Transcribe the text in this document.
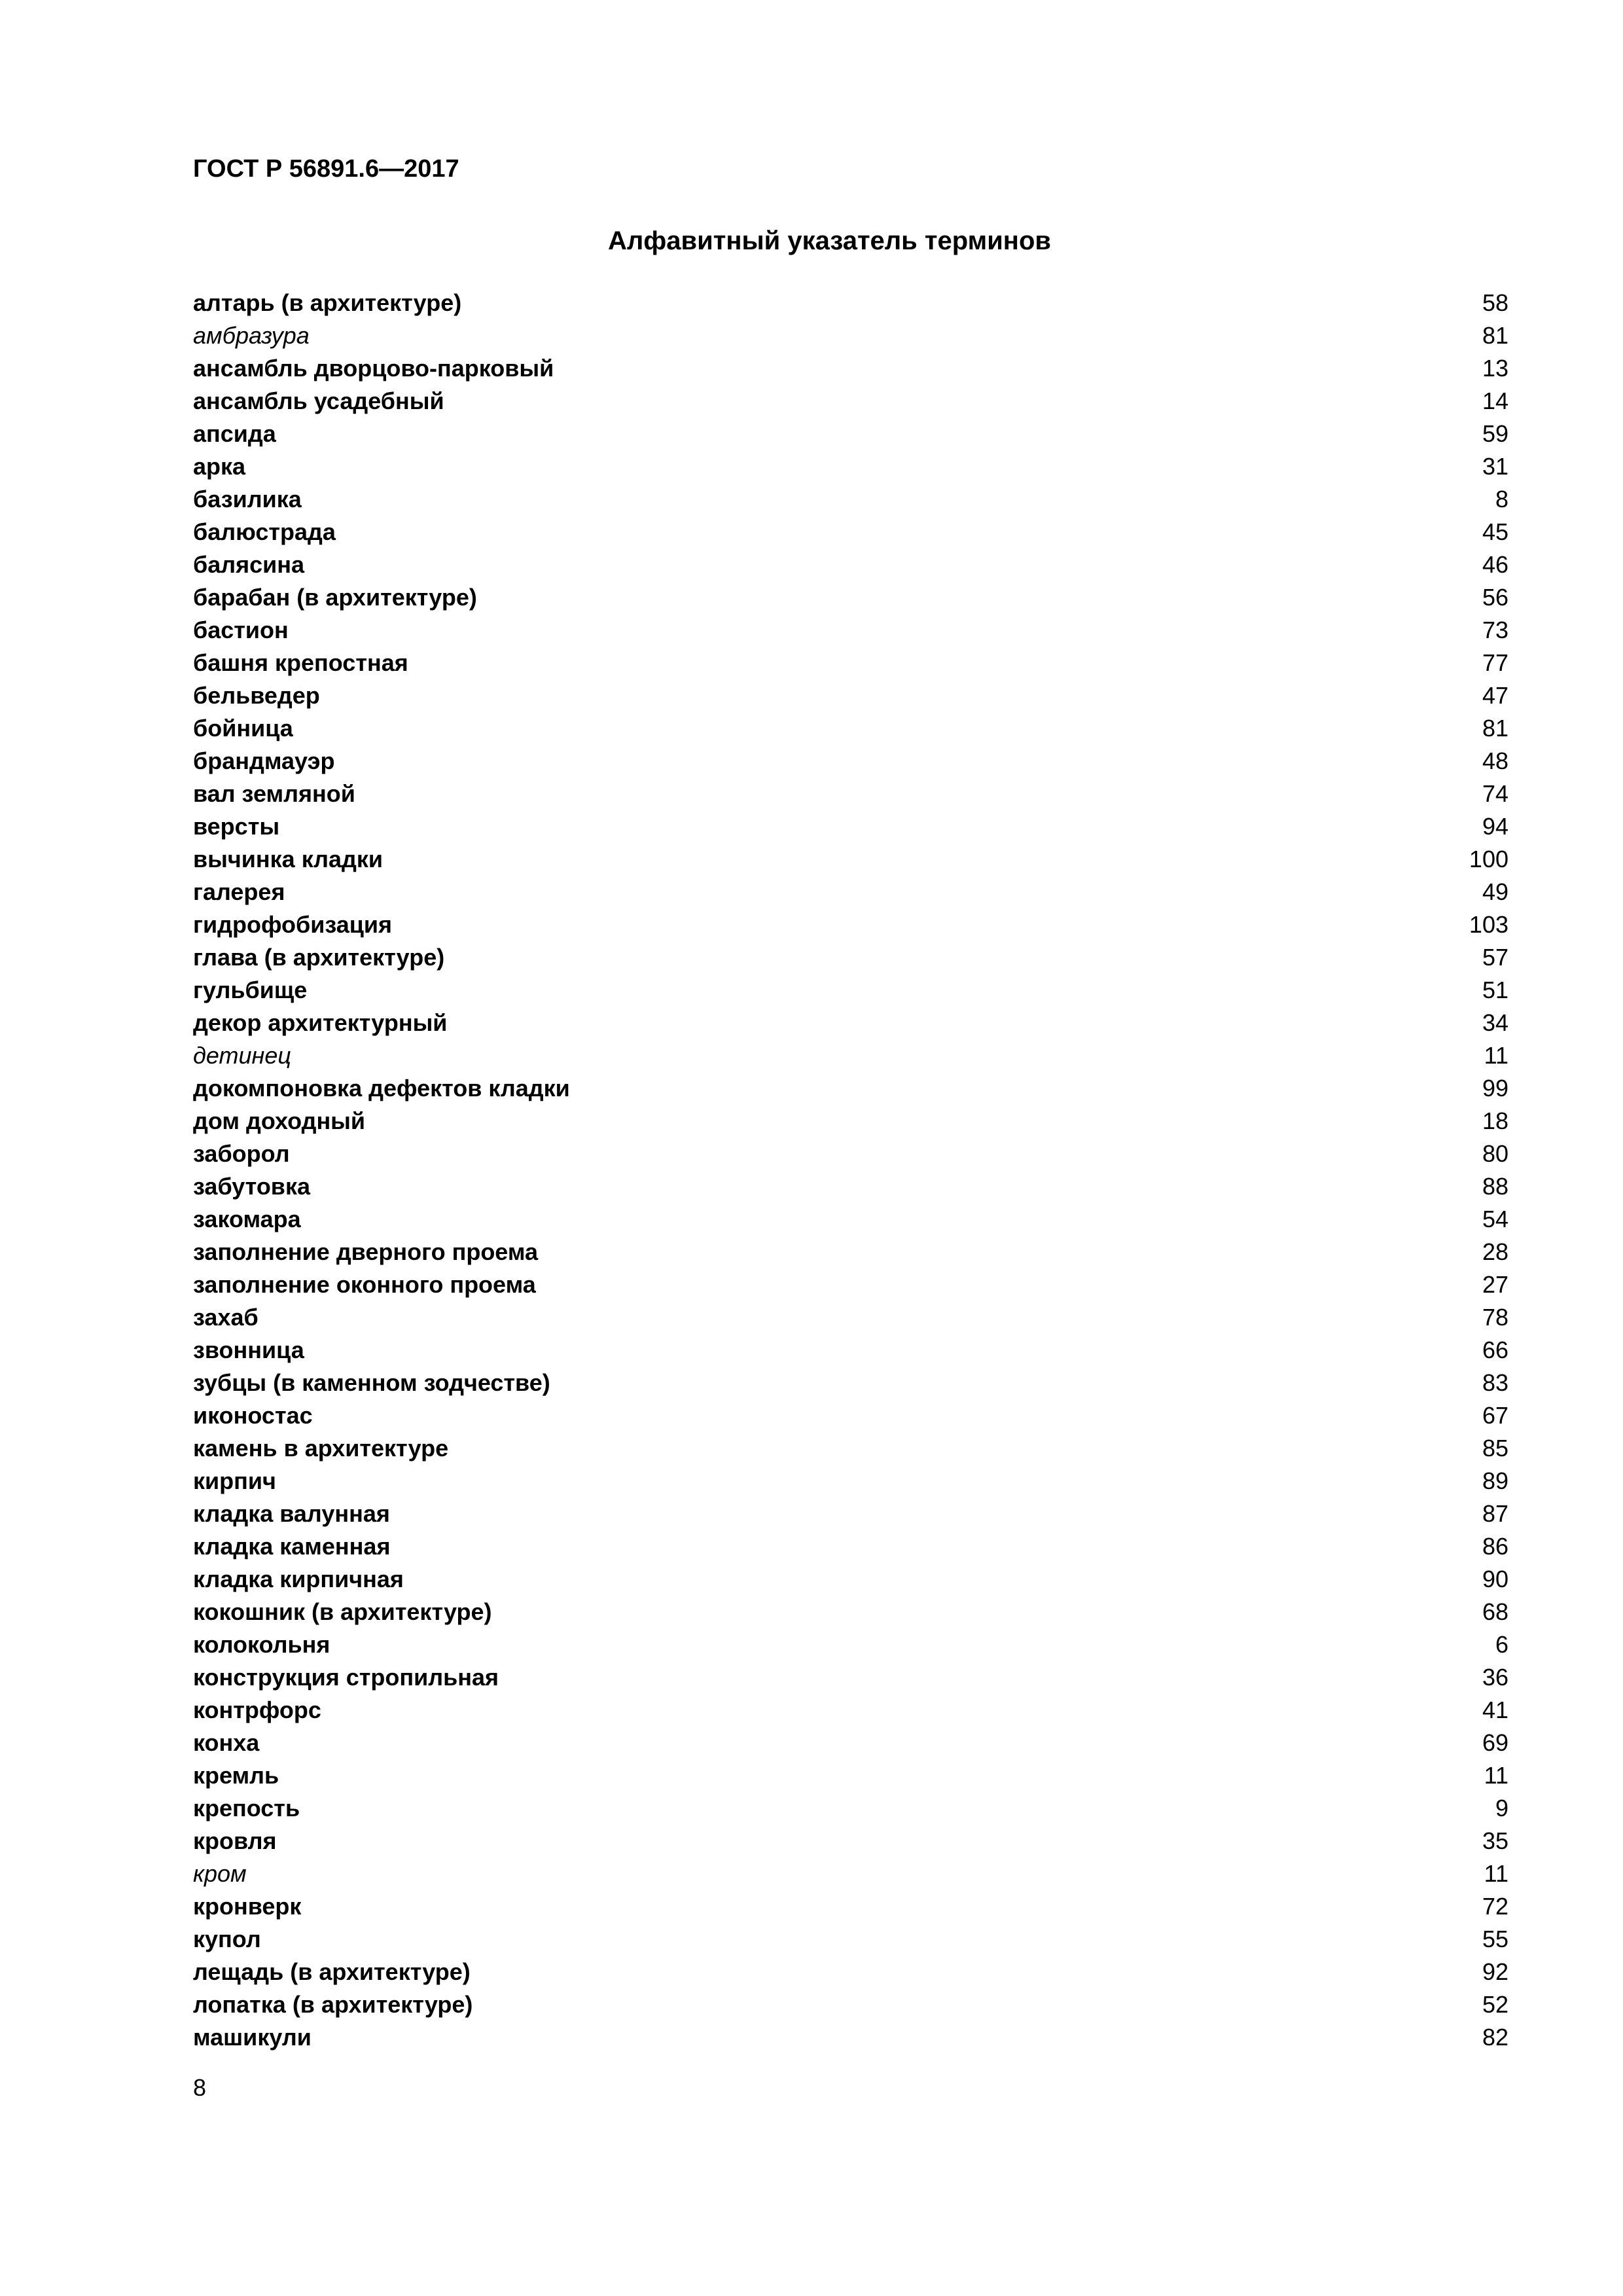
ГОСТ Р 56891.6—2017
Алфавитный указатель терминов
алтарь (в архитектуре)	58
амбразура	81
ансамбль дворцово-парковый	13
ансамбль усадебный	14
апсида	59
арка	31
базилика	8
балюстрада	45
балясина	46
барабан (в архитектуре)	56
бастион	73
башня крепостная	77
бельведер	47
бойница	81
брандмауэр	48
вал земляной	74
версты	94
вычинка кладки	100
галерея	49
гидрофобизация	103
глава (в архитектуре)	57
гульбище	51
декор архитектурный	34
детинец	11
докомпоновка дефектов кладки	99
дом доходный	18
заборол	80
забутовка	88
закомара	54
заполнение дверного проема	28
заполнение оконного проема	27
захаб	78
звонница	66
зубцы (в каменном зодчестве)	83
иконостас	67
камень в архитектуре	85
кирпич	89
кладка валунная	87
кладка каменная	86
кладка кирпичная	90
кокошник (в архитектуре)	68
колокольня	6
конструкция стропильная	36
контрфорс	41
конха	69
кремль	11
крепость	9
кровля	35
кром	11
кронверк	72
купол	55
лещадь (в архитектуре)	92
лопатка (в архитектуре)	52
машикули	82

8
